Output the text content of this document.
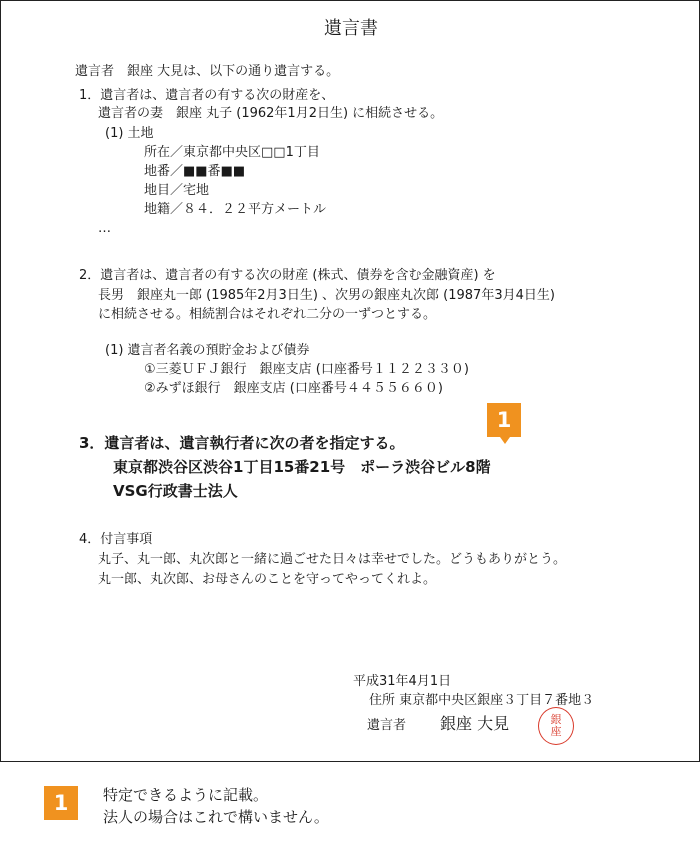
遺言書
遺言者　銀座 大見は、以下の通り遺言する。
1．遺言者は、遺言者の有する次の財産を、
遺言者の妻　銀座 丸子 (1962年1月2日生) に相続させる。
(1) 土地
所在／東京都中央区□□1丁目
地番／■■番■■
地目／宅地
地籍／８４．２２平方メートル
…
2．遺言者は、遺言者の有する次の財産 (株式、債券を含む金融資産) を
長男　銀座丸一郎 (1985年2月3日生) 、次男の銀座丸次郎 (1987年3月4日生)
に相続させる。相続割合はそれぞれ二分の一ずつとする。
(1) 遺言者名義の預貯金および債券
①三菱ＵＦＪ銀行　銀座支店 (口座番号１１２２３３０)
②みずほ銀行　銀座支店 (口座番号４４５５６６０)
1
3．遺言者は、遺言執行者に次の者を指定する。
東京都渋谷区渋谷1丁目15番21号　ポーラ渋谷ビル8階
VSG行政書士法人
4．付言事項
丸子、丸一郎、丸次郎と一緒に過ごせた日々は幸せでした。どうもありがとう。
丸一郎、丸次郎、お母さんのことを守ってやってくれよ。
平成31年4月1日
住所 東京都中央区銀座３丁目７番地３
遺言者 銀座 大見	銀
座
1	特定できるように記載。
法人の場合はこれで構いません。
